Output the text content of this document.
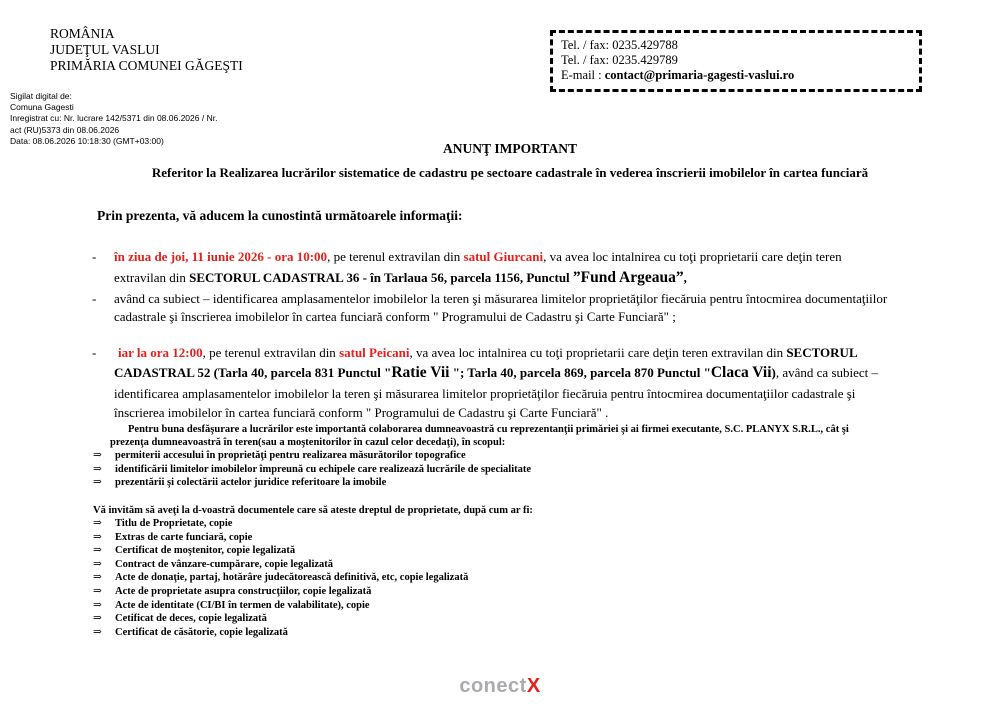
ROMÂNIA
JUDEŢUL VASLUI
PRIMĂRIA COMUNEI GĂGEŞTI
Tel. / fax: 0235.429788
Tel. / fax: 0235.429789
E-mail : contact@primaria-gagesti-vaslui.ro
Sigilat digital de:
Comuna Gagesti
Inregistrat cu: Nr. lucrare 142/5371 din 08.06.2026 / Nr.
act (RU)5373 din 08.06.2026
Data: 08.06.2026 10:18:30 (GMT+03:00)
ANUNŢ IMPORTANT
Referitor la Realizarea lucrărilor sistematice de cadastru pe sectoare cadastrale în vederea înscrierii imobilelor în cartea funciară
Prin prezenta, vă aducem la cunostintă următoarele informaţii:
- în ziua de joi, 11 iunie 2026 - ora 10:00, pe terenul extravilan din satul Giurcani, va avea loc intalnirea cu toţi proprietarii care deţin teren
extravilan din SECTORUL CADASTRAL 36 - în Tarlaua 56, parcela 1156, Punctul ”Fund Argeaua”,
- având ca subiect – identificarea amplasamentelor imobilelor la teren şi măsurarea limitelor proprietăţilor fiecăruia pentru întocmirea documentaţiilor
cadastrale şi înscrierea imobilelor în cartea funciară conform " Programului de Cadastru şi Carte Funciară" ;
- iar la ora 12:00, pe terenul extravilan din satul Peicani, va avea loc intalnirea cu toţi proprietarii care deţin teren extravilan din SECTORUL
CADASTRAL 52 (Tarla 40, parcela 831 Punctul "Ratie Vii "; Tarla 40, parcela 869, parcela 870 Punctul "Claca Vii), având ca subiect –
identificarea amplasamentelor imobilelor la teren şi măsurarea limitelor proprietăţilor fiecăruia pentru întocmirea documentaţiilor cadastrale şi
înscrierea imobilelor în cartea funciară conform " Programului de Cadastru şi Carte Funciară" .
Pentru buna desfăşurare a lucrărilor este importantă colaborarea dumneavoastră cu reprezentanţii primăriei şi ai firmei executante, S.C. PLANYX S.R.L., cât şi
prezenţa dumneavoastră în teren(sau a moştenitorilor în cazul celor decedaţi), în scopul:
⇒ permiterii accesului în proprietăţi pentru realizarea măsurătorilor topografice
⇒ identificării limitelor imobilelor împreună cu echipele care realizează lucrările de specialitate
⇒ prezentării şi colectării actelor juridice referitoare la imobile
Vă invităm să aveţi la d-voastră documentele care să ateste dreptul de proprietate, după cum ar fi:
⇒ Titlu de Proprietate, copie
⇒ Extras de carte funciară, copie
⇒ Certificat de moştenitor, copie legalizată
⇒ Contract de vânzare-cumpărare, copie legalizată
⇒ Acte de donaţie, partaj, hotărâre judecătorească definitivă, etc, copie legalizată
⇒ Acte de proprietate asupra construcţiilor, copie legalizată
⇒ Acte de identitate (CI/BI în termen de valabilitate), copie
⇒ Cetificat de deces, copie legalizată
⇒ Certificat de căsătorie, copie legalizată
conectX
